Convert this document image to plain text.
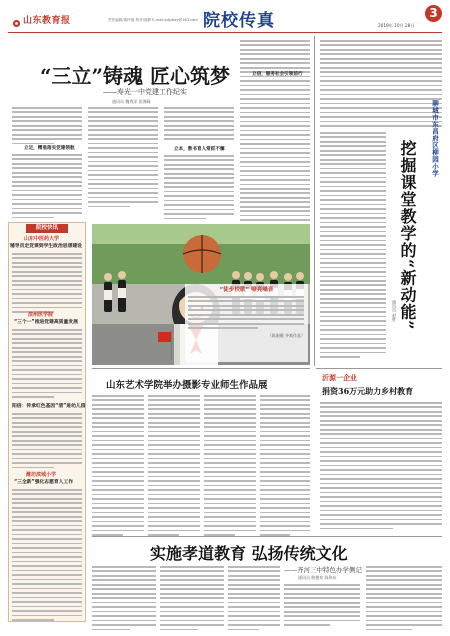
山东教育报	责任编辑/胡玲瑞 校对/聂静 E-mail:sdjybxy@163.com 院校传真	3
2019年 10月 28日
“三立”铸魂 匠心筑梦
——寿光一中党建工作纪实
通讯员 魏秀洋 张海峰
立足，精准落实党建领航	立本，教书育人常抓不懈
立信，服务社会引领前行
院校快讯
山东中医药大学
辅导员走党课到学生政治思想建设
滨州医学院
“三个一”推进党建高质量发展
阳信：传承红色基因“清”进幼儿园
潍坊滨城小学
“三全新”强化志愿育人工作
“徒步校歌” 嘹亮嗓音
（陈刚摄 齐爽作品）
聊城市东昌府区柳园小学
挖掘课堂教学的“新动能”
通讯员 赵胜
沂源一企业
捐资36万元助力乡村教育
山东艺术学院举办摄影专业师生作品展
实施孝道教育 弘扬传统文化
——齐河三中特色办学侧记
通讯员 曲德泉 陈伟东
